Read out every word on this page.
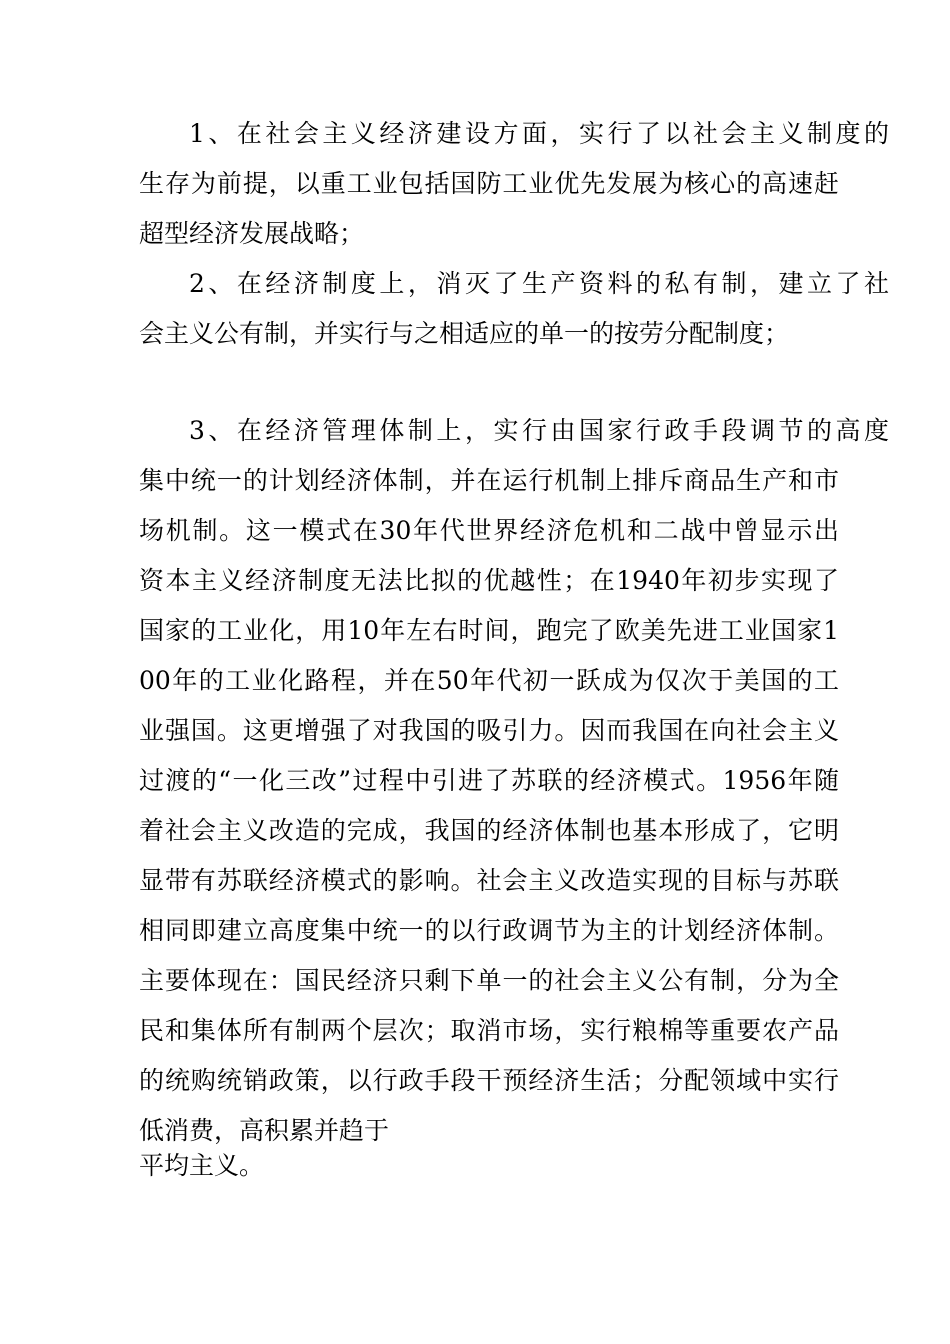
1、在社会主义经济建设方面，实行了以社会主义制度的
生存为前提，以重工业包括国防工业优先发展为核心的高速赶
超型经济发展战略；
2、在经济制度上，消灭了生产资料的私有制，建立了社
会主义公有制，并实行与之相适应的单一的按劳分配制度；
3、在经济管理体制上，实行由国家行政手段调节的高度
集中统一的计划经济体制，并在运行机制上排斥商品生产和市
场机制。这一模式在30年代世界经济危机和二战中曾显示出
资本主义经济制度无法比拟的优越性；在1940年初步实现了
国家的工业化，用10年左右时间，跑完了欧美先进工业国家1
00年的工业化路程，并在50年代初一跃成为仅次于美国的工
业强国。这更增强了对我国的吸引力。因而我国在向社会主义
过渡的“一化三改”过程中引进了苏联的经济模式。1956年随
着社会主义改造的完成，我国的经济体制也基本形成了，它明
显带有苏联经济模式的影响。社会主义改造实现的目标与苏联
相同即建立高度集中统一的以行政调节为主的计划经济体制。
主要体现在：国民经济只剩下单一的社会主义公有制，分为全
民和集体所有制两个层次；取消市场，实行粮棉等重要农产品
的统购统销政策，以行政手段干预经济生活；分配领域中实行
低消费，高积累并趋于
平均主义。
